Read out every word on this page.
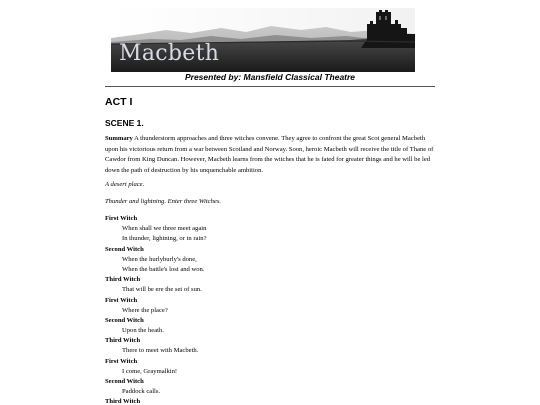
Macbeth
Presented by: Mansfield Classical Theatre
ACT I
SCENE 1.
Summary A thunderstorm approaches and three witches convene. They agree to confront the great Scot general Macbeth upon his victorious return from a war between Scotland and Norway. Soon, heroic Macbeth will receive the title of Thane of Cawdor from King Duncan. However, Macbeth learns from the witches that he is fated for greater things and he will be led down the path of destruction by his unquenchable ambition.
A desert place.
Thunder and lightning. Enter three Witches.
First Witch
When shall we three meet again
In thunder, lightning, or in rain?
Second Witch
When the hurlyburly's done,
When the battle's lost and won.
Third Witch
That will be ere the set of sun.
First Witch
Where the place?
Second Witch
Upon the heath.
Third Witch
There to meet with Macbeth.
First Witch
I come, Graymalkin!
Second Witch
Paddock calls.
Third Witch
